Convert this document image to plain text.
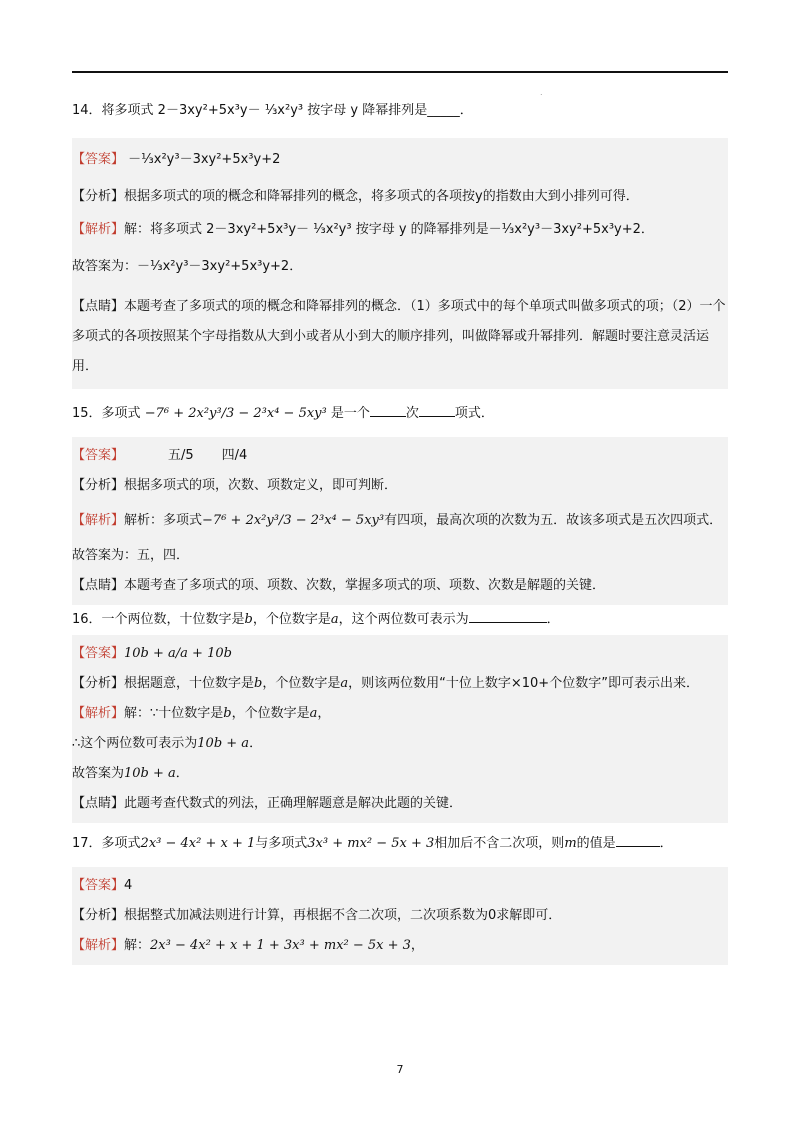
.

14．将多项式 2－3xy²+5x³y－ ⅓x²y³ 按字母 y 降幂排列是_____．

【答案】 －⅓x²y³－3xy²+5x³y+2

【分析】根据多项式的项的概念和降幂排列的概念，将多项式的各项按y的指数由大到小排列可得．

【解析】解：将多项式 2－3xy²+5x³y－ ⅓x²y³ 按字母 y 的降幂排列是－⅓x²y³－3xy²+5x³y+2．

故答案为：－⅓x²y³－3xy²+5x³y+2．

【点睛】本题考查了多项式的项的概念和降幂排列的概念．（1）多项式中的每个单项式叫做多项式的项；（2）一个多项式的各项按照某个字母指数从大到小或者从小到大的顺序排列，叫做降幂或升幂排列．解题时要注意灵活运用．

15．多项式 −7⁶ + 2x²y³/3 − 2³x⁴ − 5xy³ 是一个	次	项式．

【答案】	五/5 四/4

【分析】根据多项式的项，次数、项数定义，即可判断．

【解析】解析：多项式−7⁶ + 2x²y³/3 − 2³x⁴ − 5xy³有四项，最高次项的次数为五．故该多项式是五次四项式．

故答案为：五，四．

【点睛】本题考查了多项式的项、项数、次数，掌握多项式的项、项数、次数是解题的关键．

16．一个两位数，十位数字是b，个位数字是a，这个两位数可表示为	．

【答案】10b + a/a + 10b

【分析】根据题意，十位数字是b，个位数字是a，则该两位数用“十位上数字×10+个位数字”即可表示出来．

【解析】解：∵十位数字是b，个位数字是a，

∴这个两位数可表示为10b + a．

故答案为10b + a．

【点睛】此题考查代数式的列法，正确理解题意是解决此题的关键．

17．多项式2x³ − 4x² + x + 1与多项式3x³ + mx² − 5x + 3相加后不含二次项，则m的值是	．

【答案】4

【分析】根据整式加减法则进行计算，再根据不含二次项，二次项系数为0求解即可．

【解析】解：2x³ − 4x² + x + 1 + 3x³ + mx² − 5x + 3，

7
